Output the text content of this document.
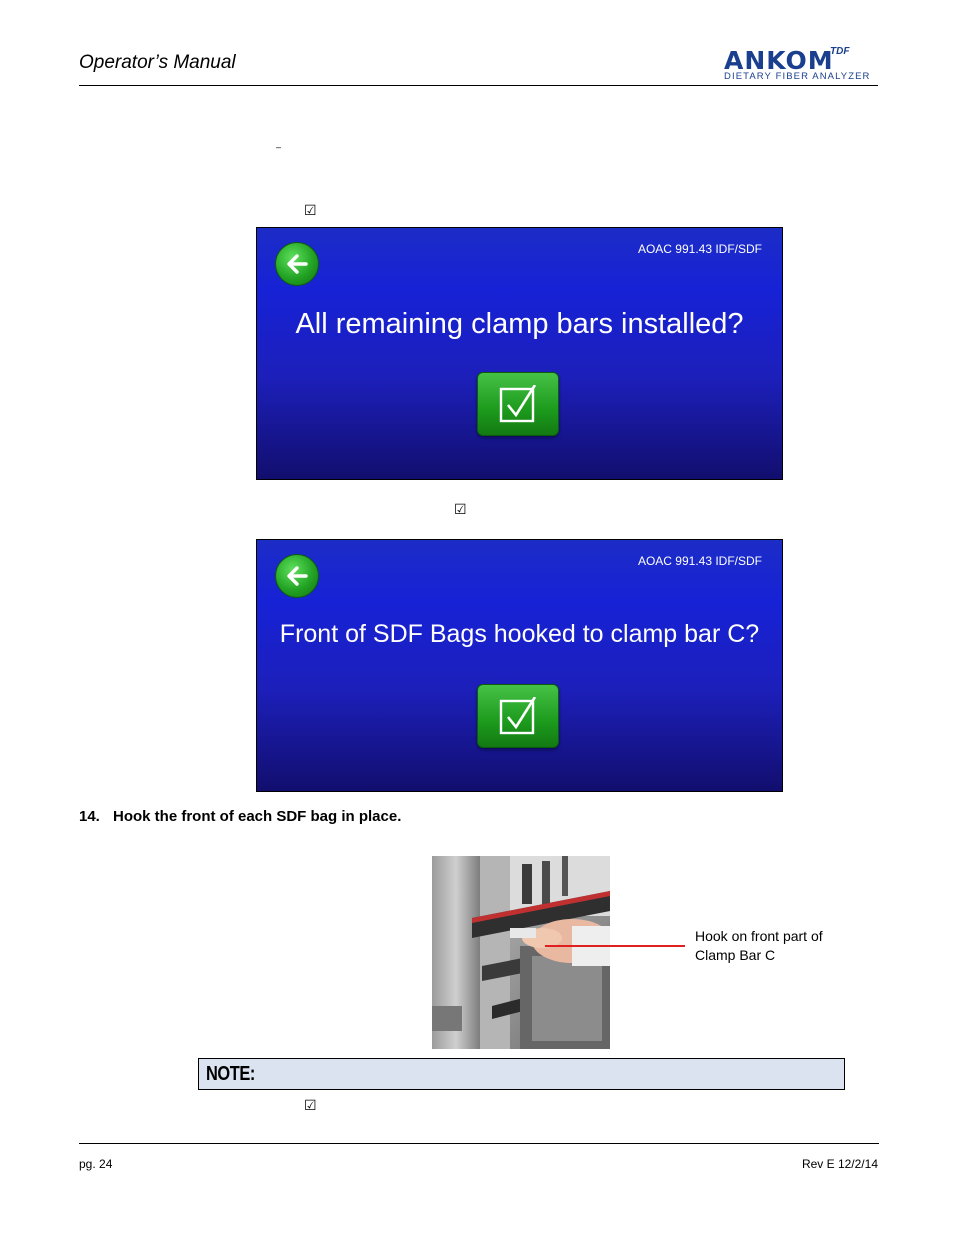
Operator’s Manual	ANKOM
TDF
DIETARY FIBER ANALYZER
–
☑
AOAC 991.43 IDF/SDF
All remaining clamp bars installed?
☑
AOAC 991.43 IDF/SDF
Front of SDF Bags hooked to clamp bar C?
14. Hook the front of each SDF bag in place.
Hook on front part of Clamp Bar C
NOTE:
☑
pg. 24	Rev E 12/2/14
